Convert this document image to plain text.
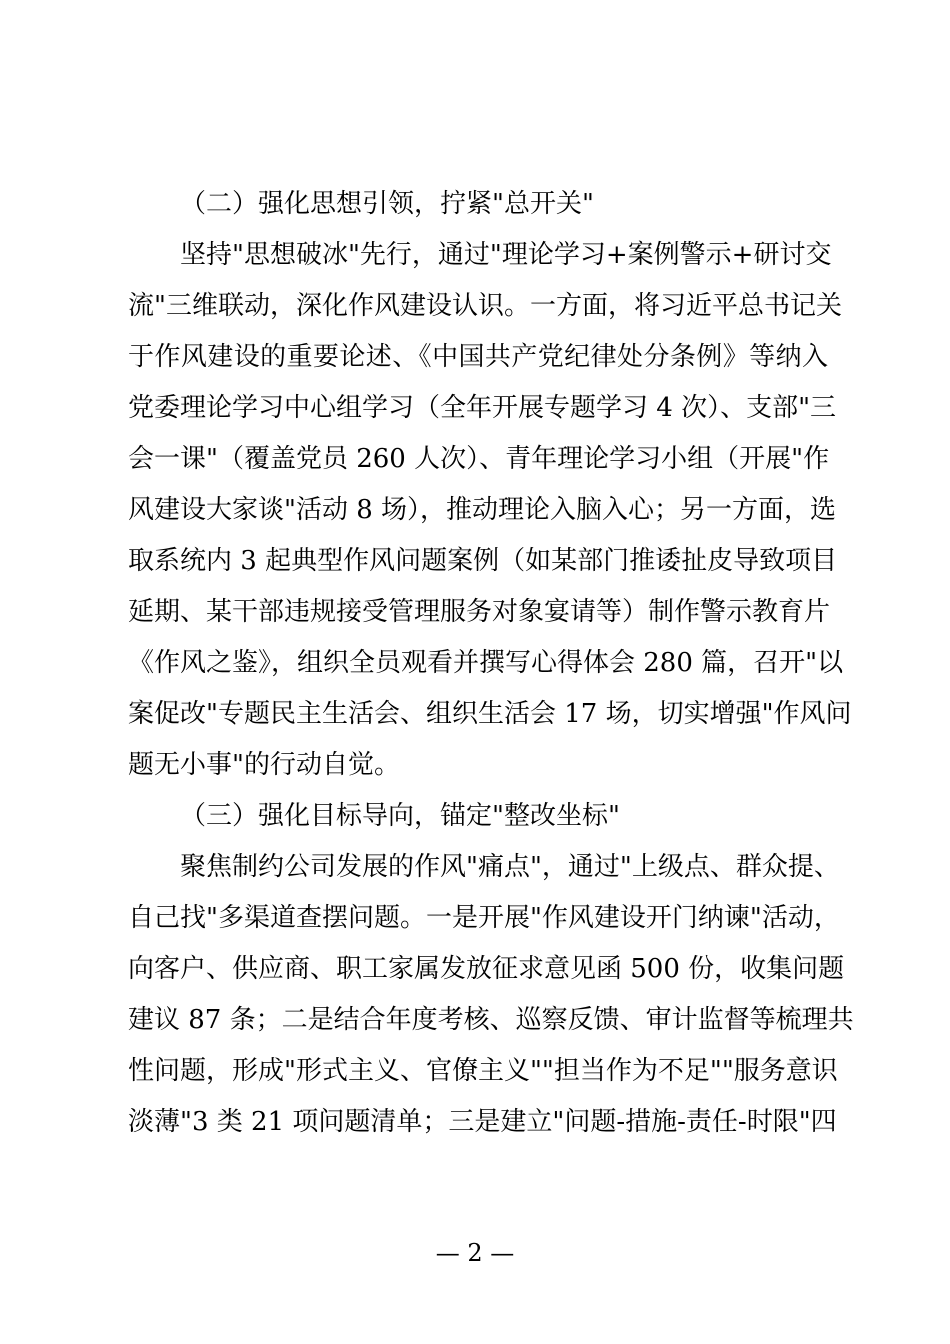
（二）强化思想引领，拧紧"总开关"
坚持"思想破冰"先行，通过"理论学习+案例警示+研讨交
流"三维联动，深化作风建设认识。一方面，将习近平总书记关
于作风建设的重要论述、《中国共产党纪律处分条例》等纳入
党委理论学习中心组学习（全年开展专题学习 4 次）、支部"三
会一课"（覆盖党员 260 人次）、青年理论学习小组（开展"作
风建设大家谈"活动 8 场），推动理论入脑入心；另一方面，选
取系统内 3 起典型作风问题案例（如某部门推诿扯皮导致项目
延期、某干部违规接受管理服务对象宴请等）制作警示教育片
《作风之鉴》，组织全员观看并撰写心得体会 280 篇，召开"以
案促改"专题民主生活会、组织生活会 17 场，切实增强"作风问
题无小事"的行动自觉。
（三）强化目标导向，锚定"整改坐标"
聚焦制约公司发展的作风"痛点"，通过"上级点、群众提、
自己找"多渠道查摆问题。一是开展"作风建设开门纳谏"活动，
向客户、供应商、职工家属发放征求意见函 500 份，收集问题
建议 87 条；二是结合年度考核、巡察反馈、审计监督等梳理共
性问题，形成"形式主义、官僚主义""担当作为不足""服务意识
淡薄"3 类 21 项问题清单；三是建立"问题-措施-责任-时限"四
— 2 —
